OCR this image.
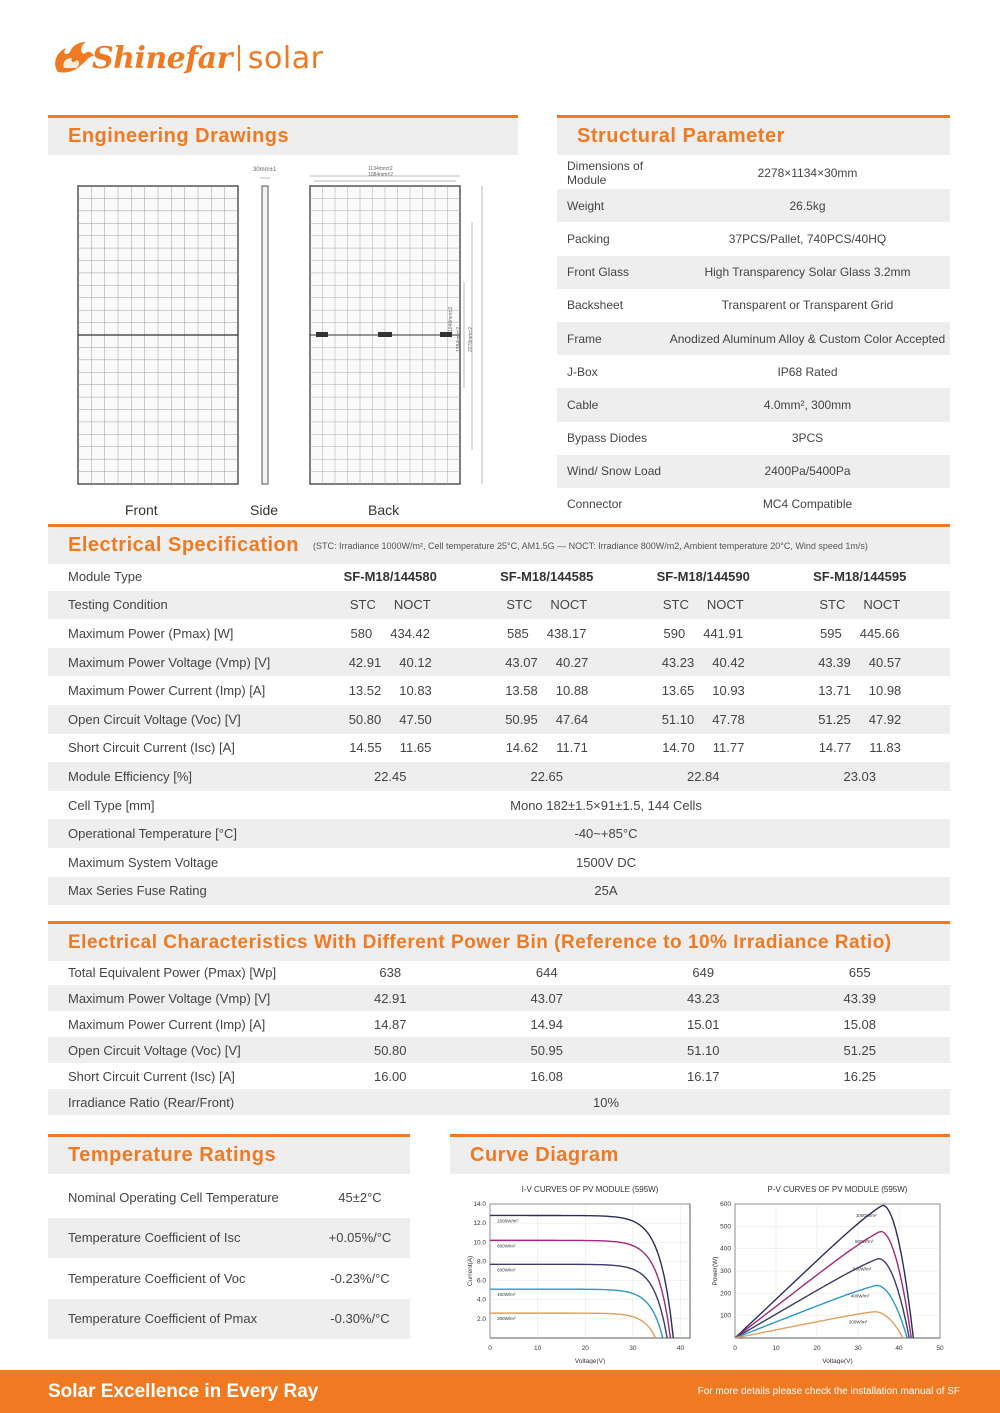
Shinefar solar
Engineering Drawings	Structural Parameter
30mm±1	1134mm±2
1084mm±2
1048mm±2
1384mm±2 2278mm±2
Front	Side	Back
Dimensions of Module	2278×1134×30mm
Weight	26.5kg
Packing	37PCS/Pallet, 740PCS/40HQ
Front Glass	High Transparency Solar Glass 3.2mm
Backsheet	Transparent or Transparent Grid
Frame	Anodized Aluminum Alloy & Custom Color Accepted
J-Box	IP68 Rated
Cable	4.0mm², 300mm
Bypass Diodes	3PCS
Wind/ Snow Load	2400Pa/5400Pa
Connector	MC4 Compatible
Electrical Specification (STC: Irradiance 1000W/m², Cell temperature 25°C, AM1.5G — NOCT: Irradiance 800W/m2, Ambient temperature 20°C, Wind speed 1m/s)
Module Type	SF-M18/144580	SF-M18/144585	SF-M18/144590	SF-M18/144595
Testing Condition	STC NOCT	STC NOCT	STC NOCT	STC NOCT
Maximum Power (Pmax) [W]	580 434.42	585 438.17	590 441.91	595 445.66
Maximum Power Voltage (Vmp) [V]	42.91 40.12	43.07 40.27	43.23 40.42	43.39 40.57
Maximum Power Current (Imp) [A]	13.52 10.83	13.58 10.88	13.65 10.93	13.71 10.98
Open Circuit Voltage (Voc) [V]	50.80 47.50	50.95 47.64	51.10 47.78	51.25 47.92
Short Circuit Current (Isc) [A]	14.55 11.65	14.62 11.71	14.70 11.77	14.77 11.83
Module Efficiency [%]	22.45	22.65	22.84	23.03
Cell Type [mm]	Mono 182±1.5×91±1.5, 144 Cells
Operational Temperature [°C]	-40~+85°C
Maximum System Voltage	1500V DC
Max Series Fuse Rating	25A
Electrical Characteristics With Different Power Bin (Reference to 10% Irradiance Ratio)
Total Equivalent Power (Pmax) [Wp]	638	644	649	655
Maximum Power Voltage (Vmp) [V]	42.91	43.07	43.23	43.39
Maximum Power Current (Imp) [A]	14.87	14.94	15.01	15.08
Open Circuit Voltage (Voc) [V]	50.80	50.95	51.10	51.25
Short Circuit Current (Isc) [A]	16.00	16.08	16.17	16.25
Irradiance Ratio (Rear/Front)	10%
Temperature Ratings
Nominal Operating Cell Temperature	45±2°C
Temperature Coefficient of Isc	+0.05%/°C
Temperature Coefficient of Voc	-0.23%/°C
Temperature Coefficient of Pmax	-0.30%/°C
Curve Diagram
I-V CURVES OF PV MODULE (595W)
0	10	20	30	40
2.0
4.0
6.0
8.0
10.0
12.0
14.0
Voltage(V)
Current(A)
1000W/m²
800W/m²
600W/m²
400W/m²
200W/m²
P-V CURVES OF PV MODULE (595W)
0	10	20	30	40	50
100
200
300
400
500
600
Voltage(V)
Power(W)
1000W/m²
800W/m²
600W/m²
400W/m²
200W/m²
Solar Excellence in Every Ray	For more details please check the installation manual of SF
